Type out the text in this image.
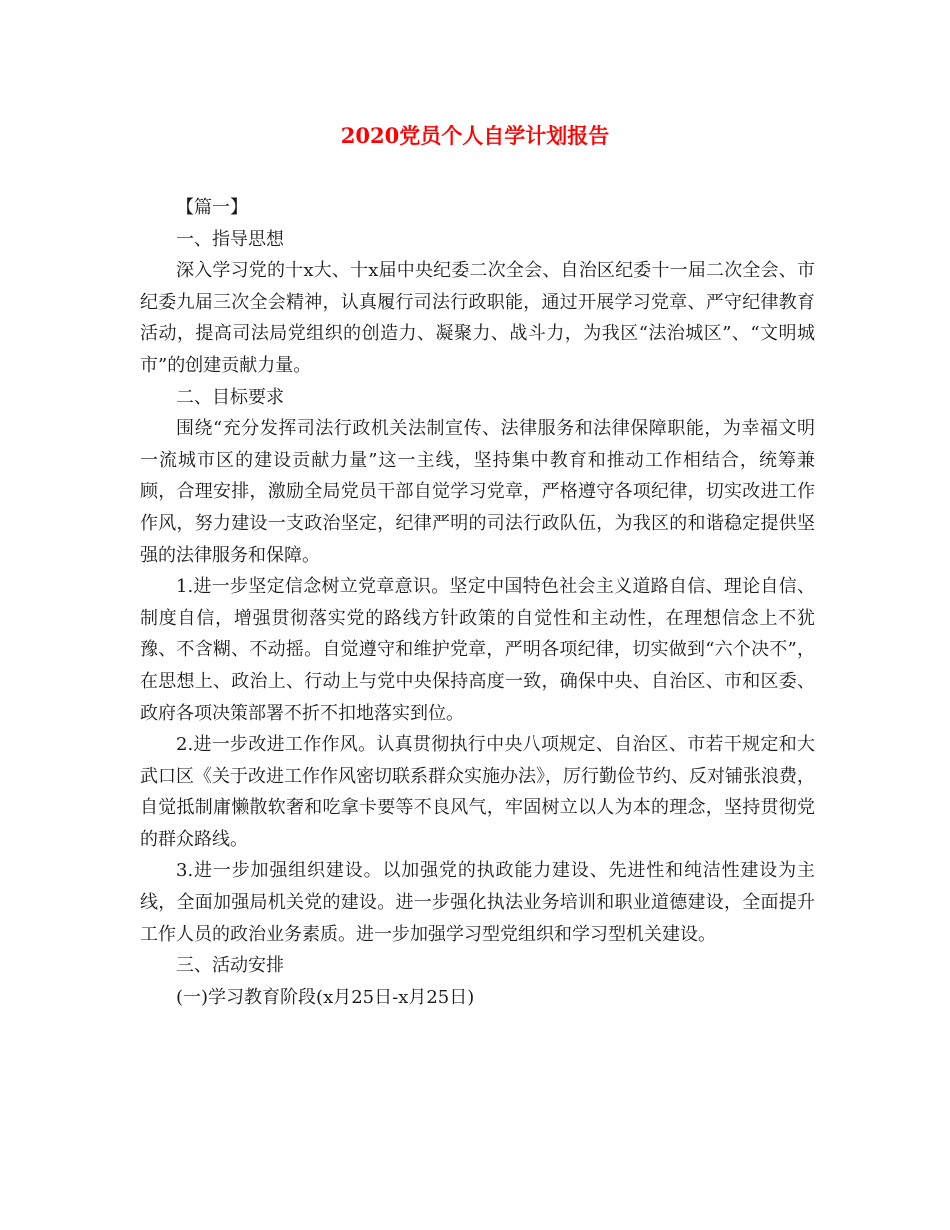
2020党员个人自学计划报告

【篇一】

一、指导思想

深入学习党的十x大、十x届中央纪委二次全会、自治区纪委十一届二次全会、市纪委九届三次全会精神，认真履行司法行政职能，通过开展学习党章、严守纪律教育活动，提高司法局党组织的创造力、凝聚力、战斗力，为我区“法治城区”、“文明城市”的创建贡献力量。

二、目标要求

围绕“充分发挥司法行政机关法制宣传、法律服务和法律保障职能，为幸福文明一流城市区的建设贡献力量”这一主线，坚持集中教育和推动工作相结合，统筹兼顾，合理安排，激励全局党员干部自觉学习党章，严格遵守各项纪律，切实改进工作作风，努力建设一支政治坚定，纪律严明的司法行政队伍，为我区的和谐稳定提供坚强的法律服务和保障。

1.进一步坚定信念树立党章意识。坚定中国特色社会主义道路自信、理论自信、制度自信，增强贯彻落实党的路线方针政策的自觉性和主动性，在理想信念上不犹豫、不含糊、不动摇。自觉遵守和维护党章，严明各项纪律，切实做到“六个决不”，在思想上、政治上、行动上与党中央保持高度一致，确保中央、自治区、市和区委、政府各项决策部署不折不扣地落实到位。

2.进一步改进工作作风。认真贯彻执行中央八项规定、自治区、市若干规定和大武口区《关于改进工作作风密切联系群众实施办法》，厉行勤俭节约、反对铺张浪费，自觉抵制庸懒散软奢和吃拿卡要等不良风气，牢固树立以人为本的理念，坚持贯彻党的群众路线。

3.进一步加强组织建设。以加强党的执政能力建设、先进性和纯洁性建设为主线，全面加强局机关党的建设。进一步强化执法业务培训和职业道德建设，全面提升工作人员的政治业务素质。进一步加强学习型党组织和学习型机关建设。

三、活动安排

(一)学习教育阶段(x月25日-x月25日)
